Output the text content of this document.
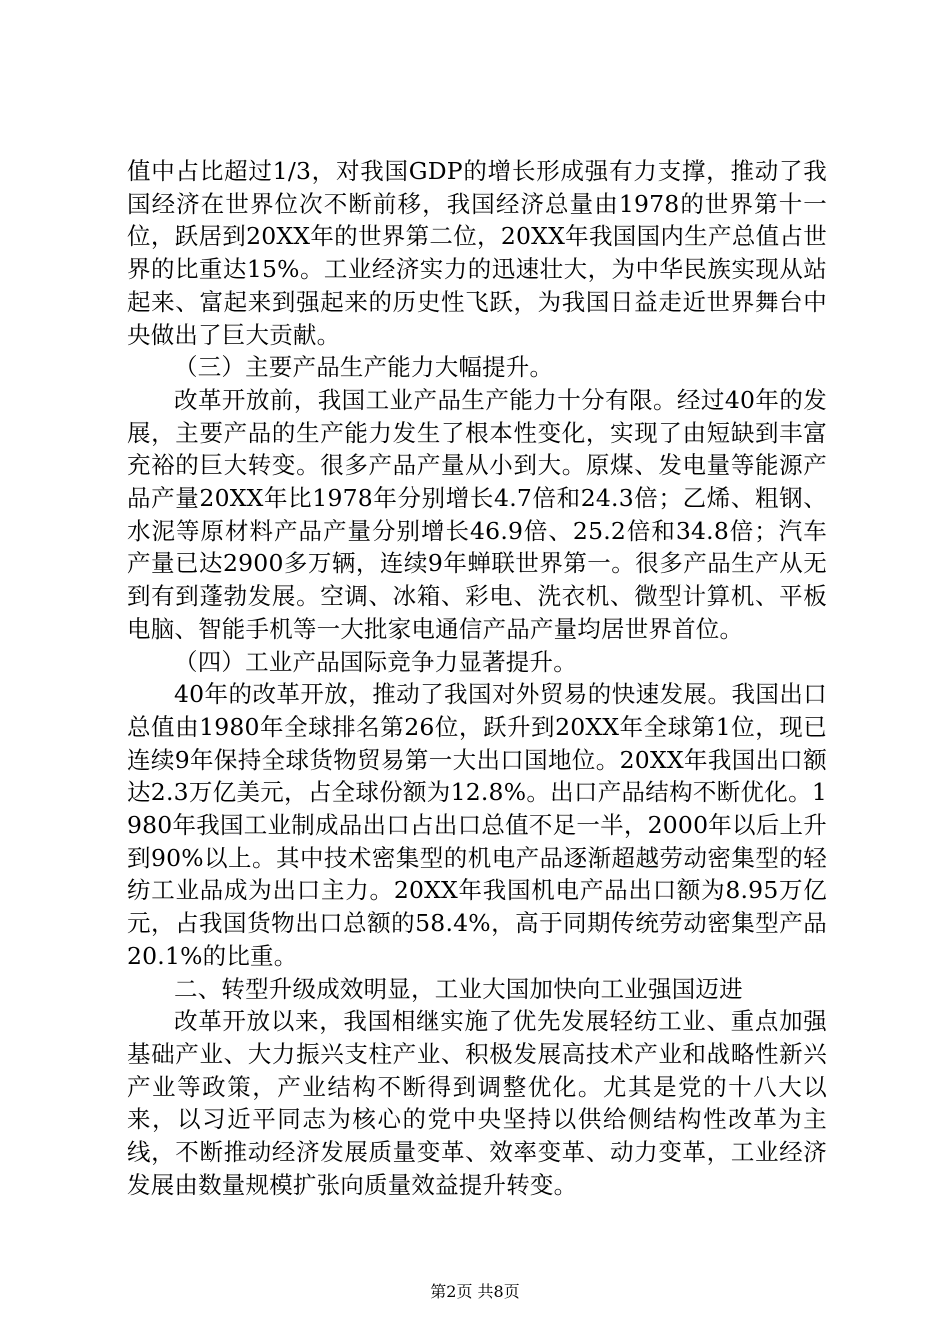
值中占比超过1/3，对我国GDP的增长形成强有力支撑，推动了我国经济在世界位次不断前移，我国经济总量由1978的世界第十一位，跃居到20XX年的世界第二位，20XX年我国国内生产总值占世界的比重达15%。工业经济实力的迅速壮大，为中华民族实现从站起来、富起来到强起来的历史性飞跃，为我国日益走近世界舞台中央做出了巨大贡献。

（三）主要产品生产能力大幅提升。

改革开放前，我国工业产品生产能力十分有限。经过40年的发展，主要产品的生产能力发生了根本性变化，实现了由短缺到丰富充裕的巨大转变。很多产品产量从小到大。原煤、发电量等能源产品产量20XX年比1978年分别增长4.7倍和24.3倍；乙烯、粗钢、水泥等原材料产品产量分别增长46.9倍、25.2倍和34.8倍；汽车产量已达2900多万辆，连续9年蝉联世界第一。很多产品生产从无到有到蓬勃发展。空调、冰箱、彩电、洗衣机、微型计算机、平板电脑、智能手机等一大批家电通信产品产量均居世界首位。

（四）工业产品国际竞争力显著提升。

40年的改革开放，推动了我国对外贸易的快速发展。我国出口总值由1980年全球排名第26位，跃升到20XX年全球第1位，现已连续9年保持全球货物贸易第一大出口国地位。20XX年我国出口额达2.3万亿美元，占全球份额为12.8%。出口产品结构不断优化。1980年我国工业制成品出口占出口总值不足一半，2000年以后上升到90%以上。其中技术密集型的机电产品逐渐超越劳动密集型的轻纺工业品成为出口主力。20XX年我国机电产品出口额为8.95万亿元，占我国货物出口总额的58.4%，高于同期传统劳动密集型产品20.1%的比重。

二、转型升级成效明显，工业大国加快向工业强国迈进

改革开放以来，我国相继实施了优先发展轻纺工业、重点加强基础产业、大力振兴支柱产业、积极发展高技术产业和战略性新兴产业等政策，产业结构不断得到调整优化。尤其是党的十八大以来，以习近平同志为核心的党中央坚持以供给侧结构性改革为主线，不断推动经济发展质量变革、效率变革、动力变革，工业经济发展由数量规模扩张向质量效益提升转变。

第2页 共8页
